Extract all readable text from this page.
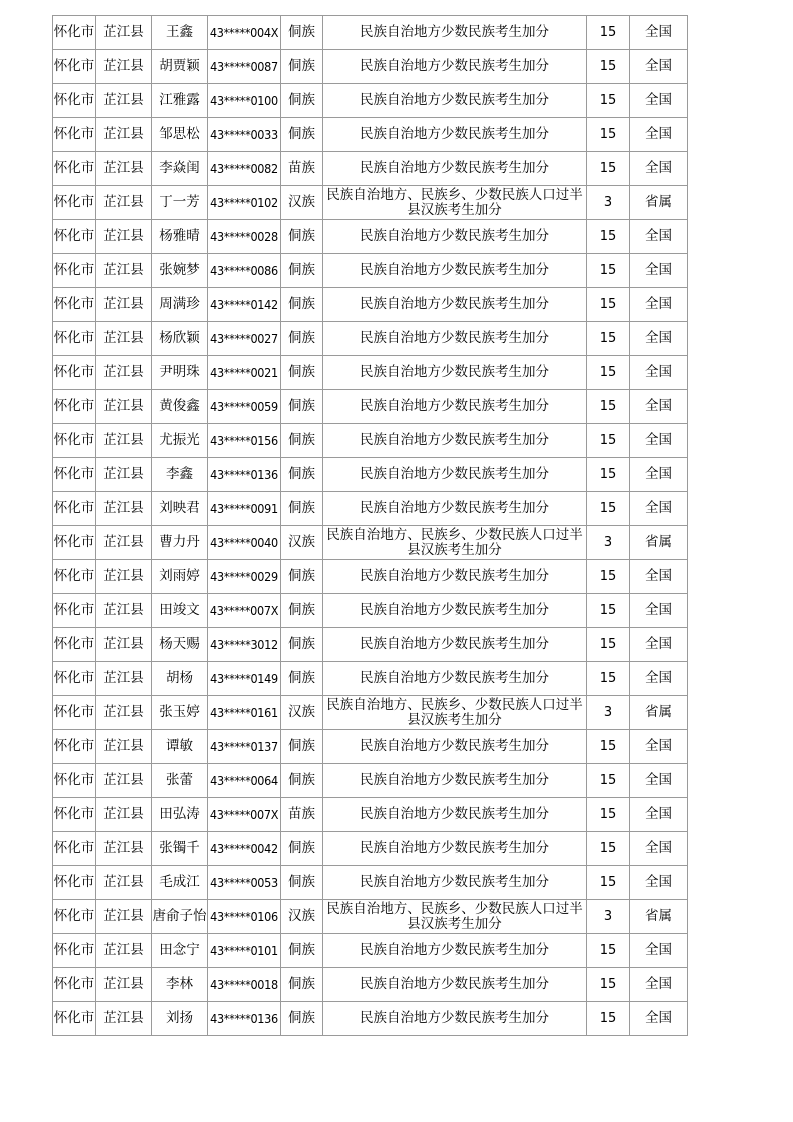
怀化市	芷江县	王鑫	43*****004X	侗族	民族自治地方少数民族考生加分	15	全国
怀化市	芷江县	胡贾颖	43*****0087	侗族	民族自治地方少数民族考生加分	15	全国
怀化市	芷江县	江雅露	43*****0100	侗族	民族自治地方少数民族考生加分	15	全国
怀化市	芷江县	邹思松	43*****0033	侗族	民族自治地方少数民族考生加分	15	全国
怀化市	芷江县	李焱闺	43*****0082	苗族	民族自治地方少数民族考生加分	15	全国
怀化市	芷江县	丁一芳	43*****0102	汉族	民族自治地方、民族乡、少数民族人口过半县汉族考生加分	3	省属
怀化市	芷江县	杨雅晴	43*****0028	侗族	民族自治地方少数民族考生加分	15	全国
怀化市	芷江县	张婉梦	43*****0086	侗族	民族自治地方少数民族考生加分	15	全国
怀化市	芷江县	周满珍	43*****0142	侗族	民族自治地方少数民族考生加分	15	全国
怀化市	芷江县	杨欣颖	43*****0027	侗族	民族自治地方少数民族考生加分	15	全国
怀化市	芷江县	尹明珠	43*****0021	侗族	民族自治地方少数民族考生加分	15	全国
怀化市	芷江县	黄俊鑫	43*****0059	侗族	民族自治地方少数民族考生加分	15	全国
怀化市	芷江县	尤振光	43*****0156	侗族	民族自治地方少数民族考生加分	15	全国
怀化市	芷江县	李鑫	43*****0136	侗族	民族自治地方少数民族考生加分	15	全国
怀化市	芷江县	刘映君	43*****0091	侗族	民族自治地方少数民族考生加分	15	全国
怀化市	芷江县	曹力丹	43*****0040	汉族	民族自治地方、民族乡、少数民族人口过半县汉族考生加分	3	省属
怀化市	芷江县	刘雨婷	43*****0029	侗族	民族自治地方少数民族考生加分	15	全国
怀化市	芷江县	田竣文	43*****007X	侗族	民族自治地方少数民族考生加分	15	全国
怀化市	芷江县	杨天赐	43*****3012	侗族	民族自治地方少数民族考生加分	15	全国
怀化市	芷江县	胡杨	43*****0149	侗族	民族自治地方少数民族考生加分	15	全国
怀化市	芷江县	张玉婷	43*****0161	汉族	民族自治地方、民族乡、少数民族人口过半县汉族考生加分	3	省属
怀化市	芷江县	谭敏	43*****0137	侗族	民族自治地方少数民族考生加分	15	全国
怀化市	芷江县	张蕾	43*****0064	侗族	民族自治地方少数民族考生加分	15	全国
怀化市	芷江县	田弘涛	43*****007X	苗族	民族自治地方少数民族考生加分	15	全国
怀化市	芷江县	张镯千	43*****0042	侗族	民族自治地方少数民族考生加分	15	全国
怀化市	芷江县	毛成江	43*****0053	侗族	民族自治地方少数民族考生加分	15	全国
怀化市	芷江县	唐俞子怡	43*****0106	汉族	民族自治地方、民族乡、少数民族人口过半县汉族考生加分	3	省属
怀化市	芷江县	田念宁	43*****0101	侗族	民族自治地方少数民族考生加分	15	全国
怀化市	芷江县	李林	43*****0018	侗族	民族自治地方少数民族考生加分	15	全国
怀化市	芷江县	刘扬	43*****0136	侗族	民族自治地方少数民族考生加分	15	全国
